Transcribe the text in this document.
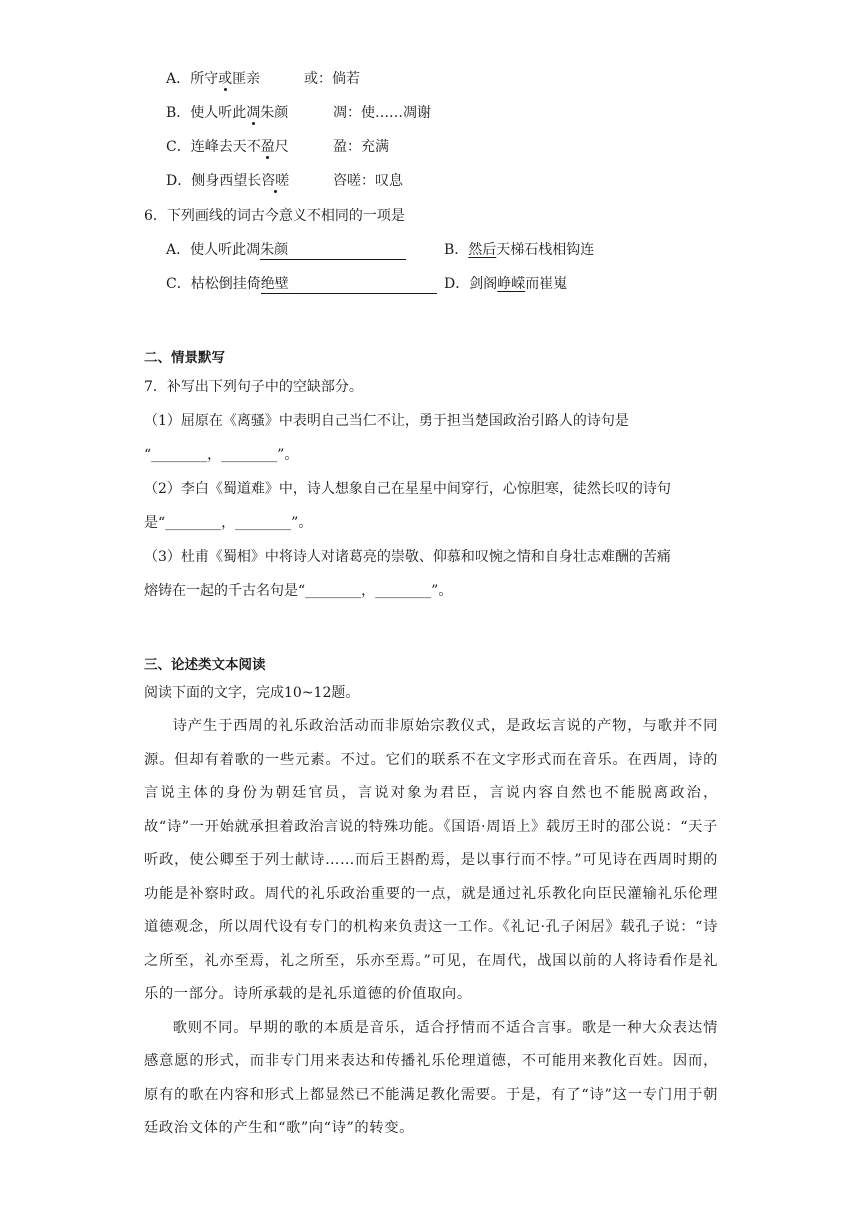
A．所守或匪亲	或：倘若
B．使人听此凋朱颜	凋：使……凋谢
C．连峰去天不盈尺	盈：充满
D．侧身西望长咨嗟	咨嗟：叹息
6．下列画线的词古今意义不相同的一项是
A．使人听此凋朱颜	B．然后天梯石栈相钩连
C．枯松倒挂倚绝壁	D．剑阁峥嵘而崔嵬
二、情景默写
7．补写出下列句子中的空缺部分。
（1）屈原在《离骚》中表明自己当仁不让，勇于担当楚国政治引路人的诗句是
“________，________”。
（2）李白《蜀道难》中，诗人想象自己在星星中间穿行，心惊胆寒，徒然长叹的诗句
是“________，________”。
（3）杜甫《蜀相》中将诗人对诸葛亮的崇敬、仰慕和叹惋之情和自身壮志难酬的苦痛
熔铸在一起的千古名句是“________，________”。
三、论述类文本阅读
阅读下面的文字，完成10~12题。

诗产生于西周的礼乐政治活动而非原始宗教仪式，是政坛言说的产物，与歌并不同源。但却有着歌的一些元素。不过。它们的联系不在文字形式而在音乐。在西周，诗的言说主体的身份为朝廷官员，言说对象为君臣，言说内容自然也不能脱离政治，故“诗”一开始就承担着政治言说的特殊功能。《国语·周语上》载厉王时的邵公说：“天子听政，使公卿至于列士献诗……而后王斟酌焉，是以事行而不悖。”可见诗在西周时期的功能是补察时政。周代的礼乐政治重要的一点，就是通过礼乐教化向臣民灌输礼乐伦理道德观念，所以周代设有专门的机构来负责这一工作。《礼记·孔子闲居》载孔子说：“诗之所至，礼亦至焉，礼之所至，乐亦至焉。”可见，在周代，战国以前的人将诗看作是礼乐的一部分。诗所承载的是礼乐道德的价值取向。

歌则不同。早期的歌的本质是音乐，适合抒情而不适合言事。歌是一种大众表达情感意愿的形式，而非专门用来表达和传播礼乐伦理道德，不可能用来教化百姓。因而，原有的歌在内容和形式上都显然已不能满足教化需要。于是，有了“诗”这一专门用于朝廷政治文体的产生和“歌”向“诗”的转变。
